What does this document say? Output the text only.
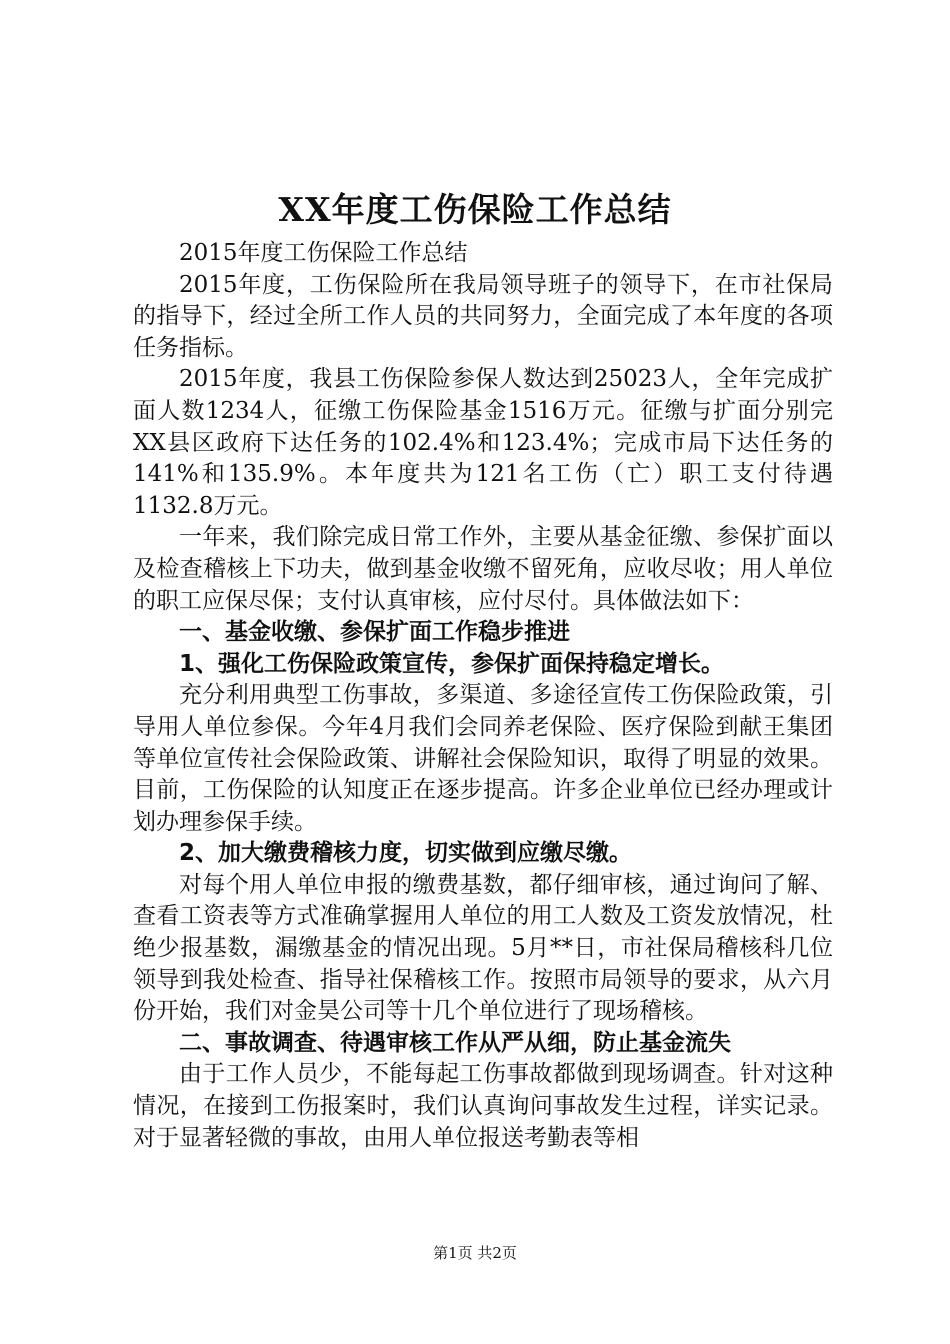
XX年度工伤保险工作总结

2015年度工伤保险工作总结

2015年度，工伤保险所在我局领导班子的领导下，在市社保局的指导下，经过全所工作人员的共同努力，全面完成了本年度的各项任务指标。

2015年度，我县工伤保险参保人数达到25023人，全年完成扩面人数1234人，征缴工伤保险基金1516万元。征缴与扩面分别完XX县区政府下达任务的102.4%和123.4%；完成市局下达任务的141%和135.9%。本年度共为121名工伤（亡）职工支付待遇1132.8万元。

一年来，我们除完成日常工作外，主要从基金征缴、参保扩面以及检查稽核上下功夫，做到基金收缴不留死角，应收尽收；用人单位的职工应保尽保；支付认真审核，应付尽付。具体做法如下：

一、基金收缴、参保扩面工作稳步推进

1、强化工伤保险政策宣传，参保扩面保持稳定增长。

充分利用典型工伤事故，多渠道、多途径宣传工伤保险政策，引导用人单位参保。今年4月我们会同养老保险、医疗保险到献王集团等单位宣传社会保险政策、讲解社会保险知识，取得了明显的效果。目前，工伤保险的认知度正在逐步提高。许多企业单位已经办理或计划办理参保手续。

2、加大缴费稽核力度，切实做到应缴尽缴。

对每个用人单位申报的缴费基数，都仔细审核，通过询问了解、查看工资表等方式准确掌握用人单位的用工人数及工资发放情况，杜绝少报基数，漏缴基金的情况出现。5月**日，市社保局稽核科几位领导到我处检查、指导社保稽核工作。按照市局领导的要求，从六月份开始，我们对金昊公司等十几个单位进行了现场稽核。

二、事故调查、待遇审核工作从严从细，防止基金流失

由于工作人员少，不能每起工伤事故都做到现场调查。针对这种情况，在接到工伤报案时，我们认真询问事故发生过程，详实记录。对于显著轻微的事故，由用人单位报送考勤表等相

第1页 共2页
